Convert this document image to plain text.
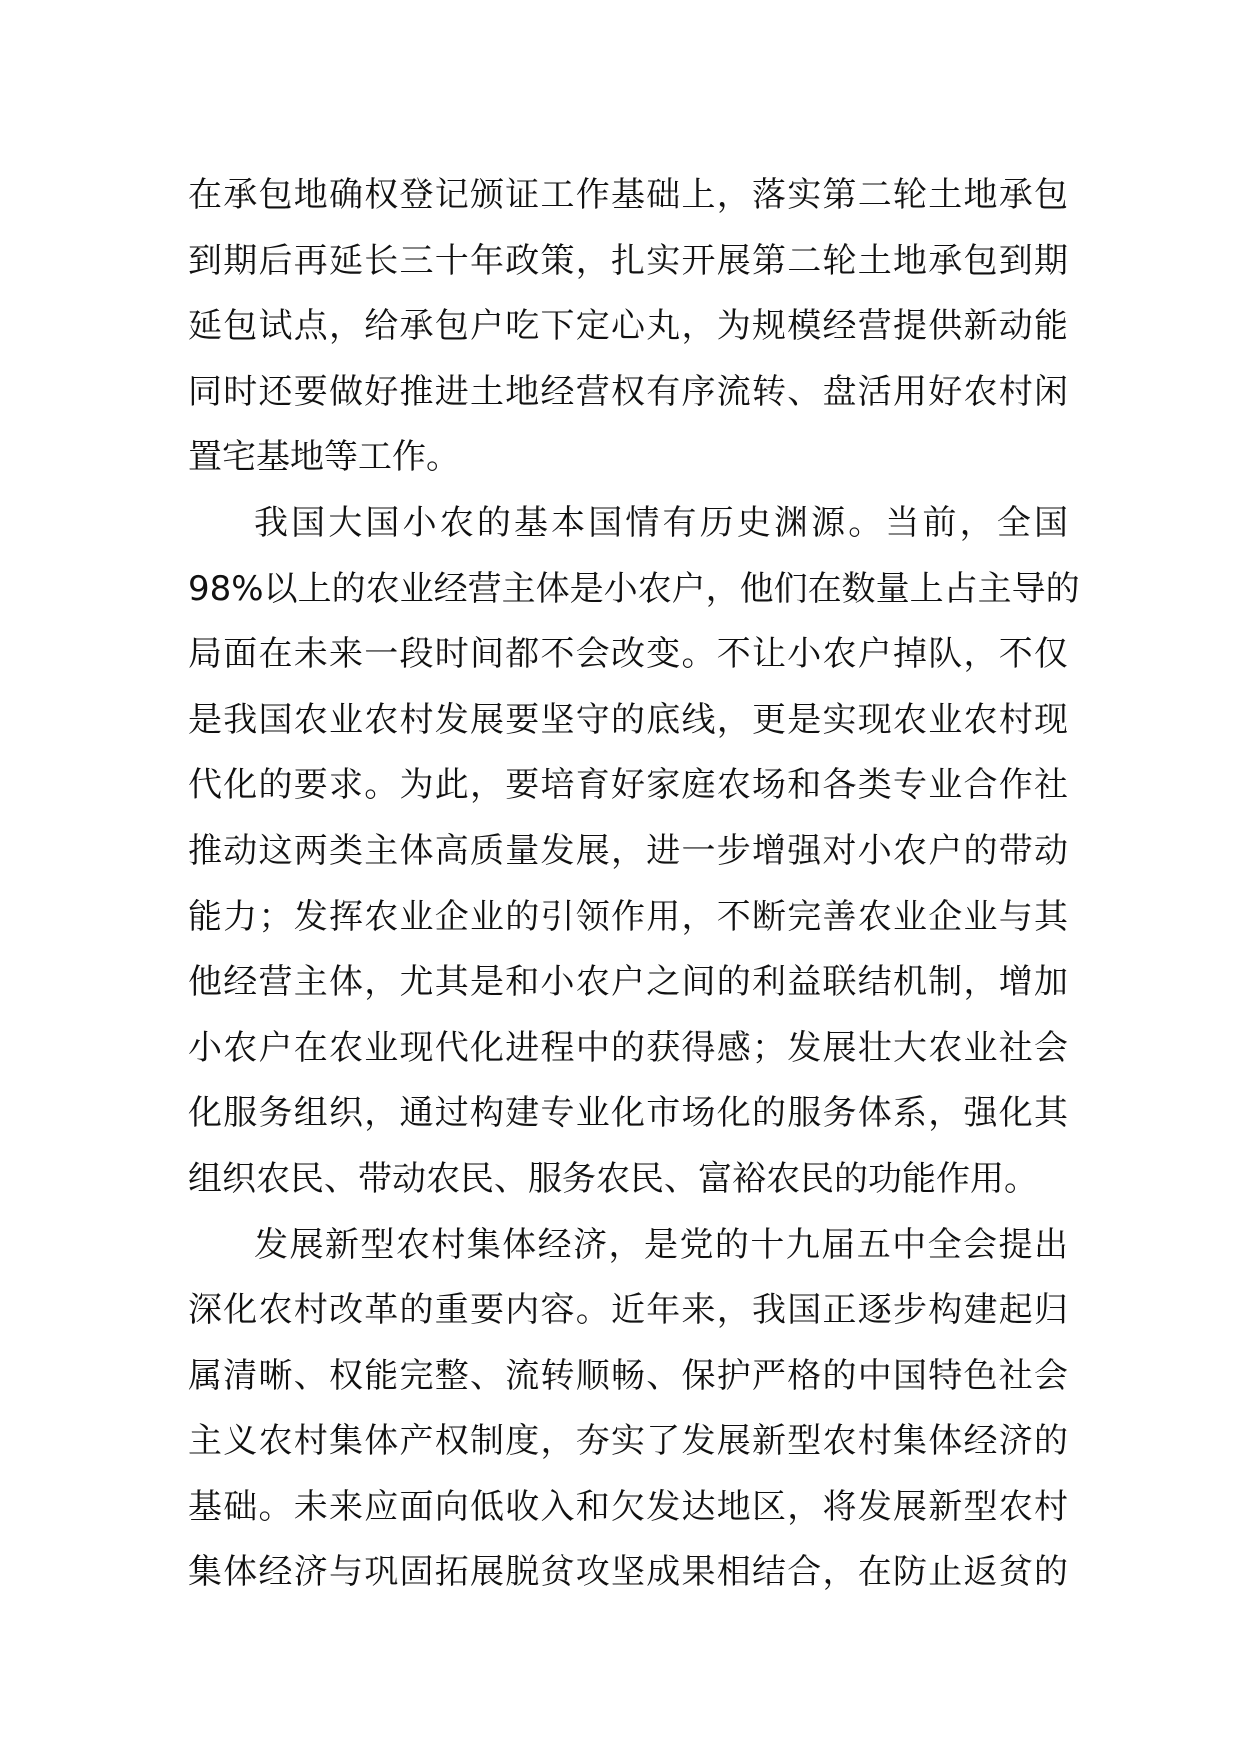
在 承 包 地 确 权 登 记 颁 证 工 作 基 础 上 ， 落 实 第 二 轮 土 地 承 包
到 期 后 再 延 长 三 十 年 政 策 ， 扎 实 开 展 第 二 轮 土 地 承 包 到 期
延 包 试 点 ， 给 承 包 户 吃 下 定 心 丸 ， 为 规 模 经 营 提 供 新 动 能
同 时 还 要 做 好 推 进 土 地 经 营 权 有 序 流 转 、 盘 活 用 好 农 村 闲
置宅基地等工作。
我 国 大 国 小 农 的 基 本 国 情 有 历 史 渊 源 。 当 前 ， 全 国
98% 以 上 的 农 业 经 营 主 体 是 小 农 户 ， 他 们 在 数 量 上 占 主 导 的
局 面 在 未 来 一 段 时 间 都 不 会 改 变 。 不 让 小 农 户 掉 队 ， 不 仅
是 我 国 农 业 农 村 发 展 要 坚 守 的 底 线 ， 更 是 实 现 农 业 农 村 现
代 化 的 要 求 。 为 此 ， 要 培 育 好 家 庭 农 场 和 各 类 专 业 合 作 社
推 动 这 两 类 主 体 高 质 量 发 展 ， 进 一 步 增 强 对 小 农 户 的 带 动
能 力 ； 发 挥 农 业 企 业 的 引 领 作 用 ， 不 断 完 善 农 业 企 业 与 其
他 经 营 主 体 ， 尤 其 是 和 小 农 户 之 间 的 利 益 联 结 机 制 ， 增 加
小 农 户 在 农 业 现 代 化 进 程 中 的 获 得 感 ； 发 展 壮 大 农 业 社 会
化 服 务 组 织 ， 通 过 构 建 专 业 化 市 场 化 的 服 务 体 系 ， 强 化 其
组织农民、带动农民、服务农民、富裕农民的功能作用。
发 展 新 型 农 村 集 体 经 济 ， 是 党 的 十 九 届 五 中 全 会 提 出
深 化 农 村 改 革 的 重 要 内 容 。 近 年 来 ， 我 国 正 逐 步 构 建 起 归
属 清 晰 、 权 能 完 整 、 流 转 顺 畅 、 保 护 严 格 的 中 国 特 色 社 会
主 义 农 村 集 体 产 权 制 度 ， 夯 实 了 发 展 新 型 农 村 集 体 经 济 的
基 础 。 未 来 应 面 向 低 收 入 和 欠 发 达 地 区 ， 将 发 展 新 型 农 村
集 体 经 济 与 巩 固 拓 展 脱 贫 攻 坚 成 果 相 结 合 ， 在 防 止 返 贫 的
